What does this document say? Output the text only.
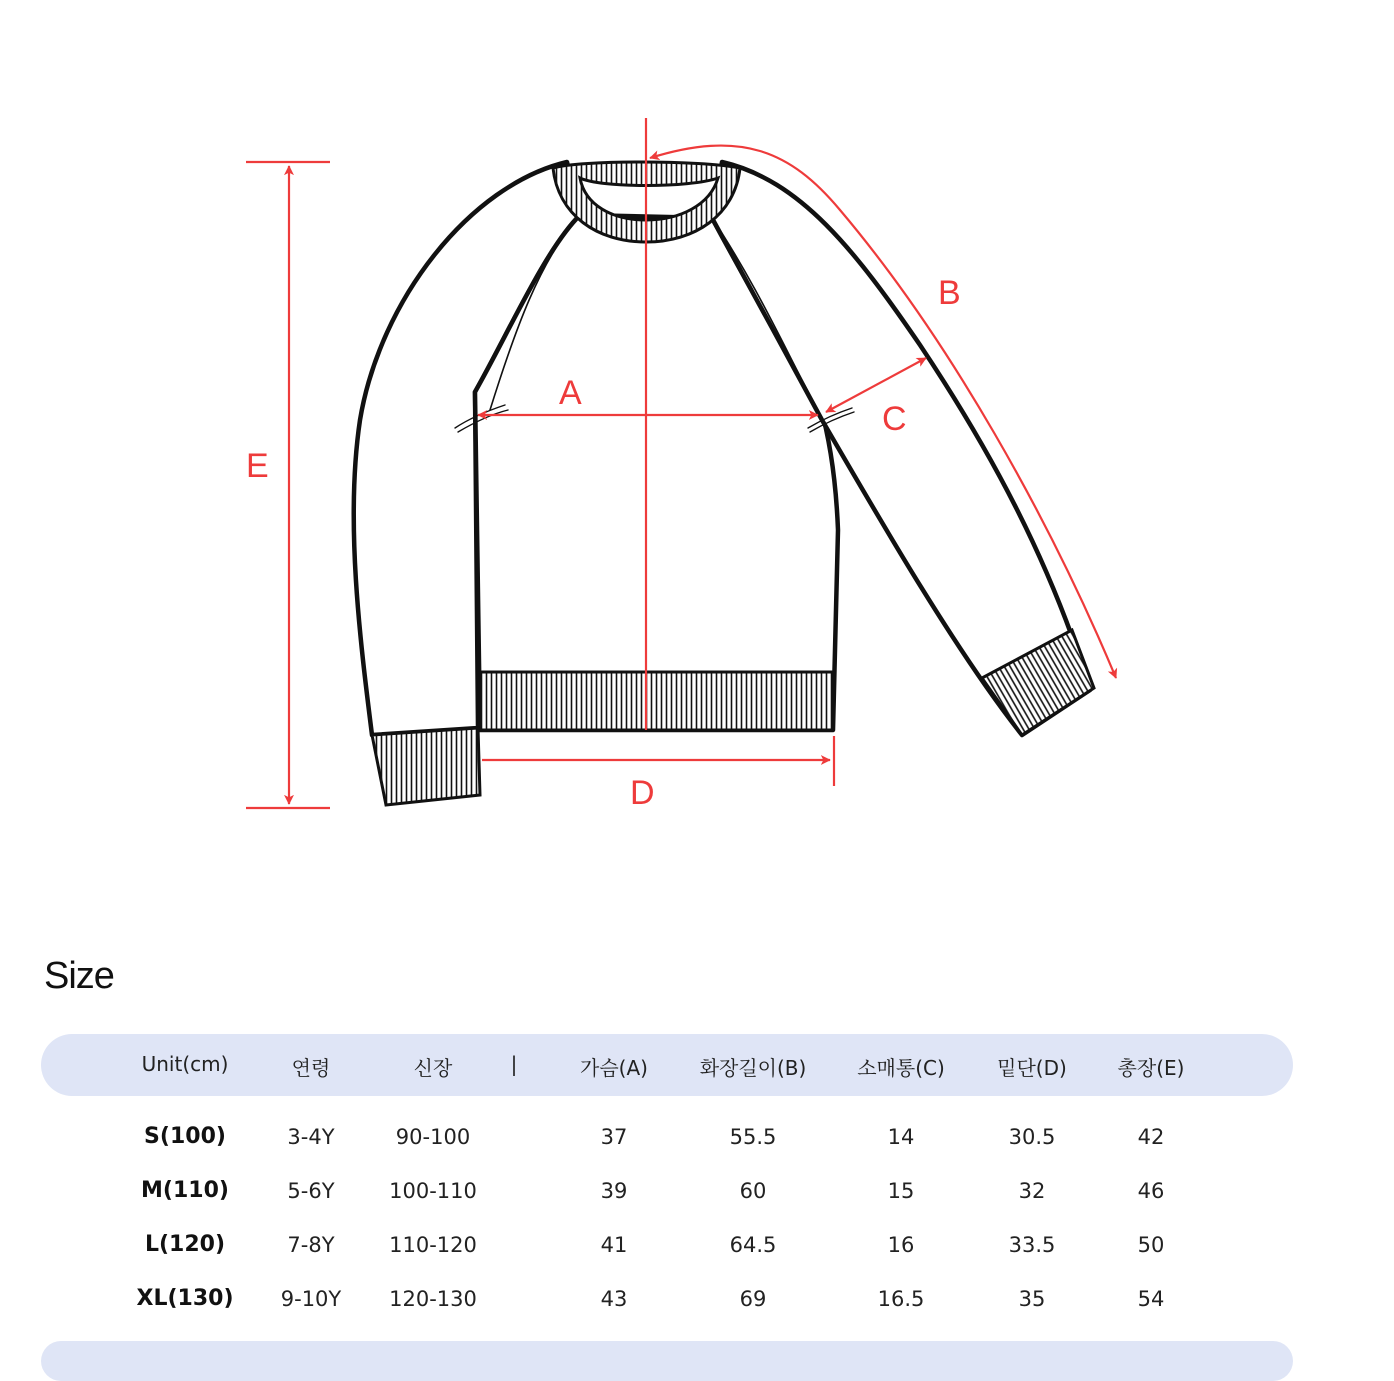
E
A
B
C
D
Size
Unit(cm)	연령	신장	|	가슴(A)	화장길이(B)	소매통(C)	밑단(D)	총장(E)
S(100)	3-4Y	90-100	37	55.5	14	30.5	42
M(110)	5-6Y	100-110	39	60	15	32	46
L(120)	7-8Y	110-120	41	64.5	16	33.5	50
XL(130) 9-10Y 120-130	43	69	16.5	35	54
